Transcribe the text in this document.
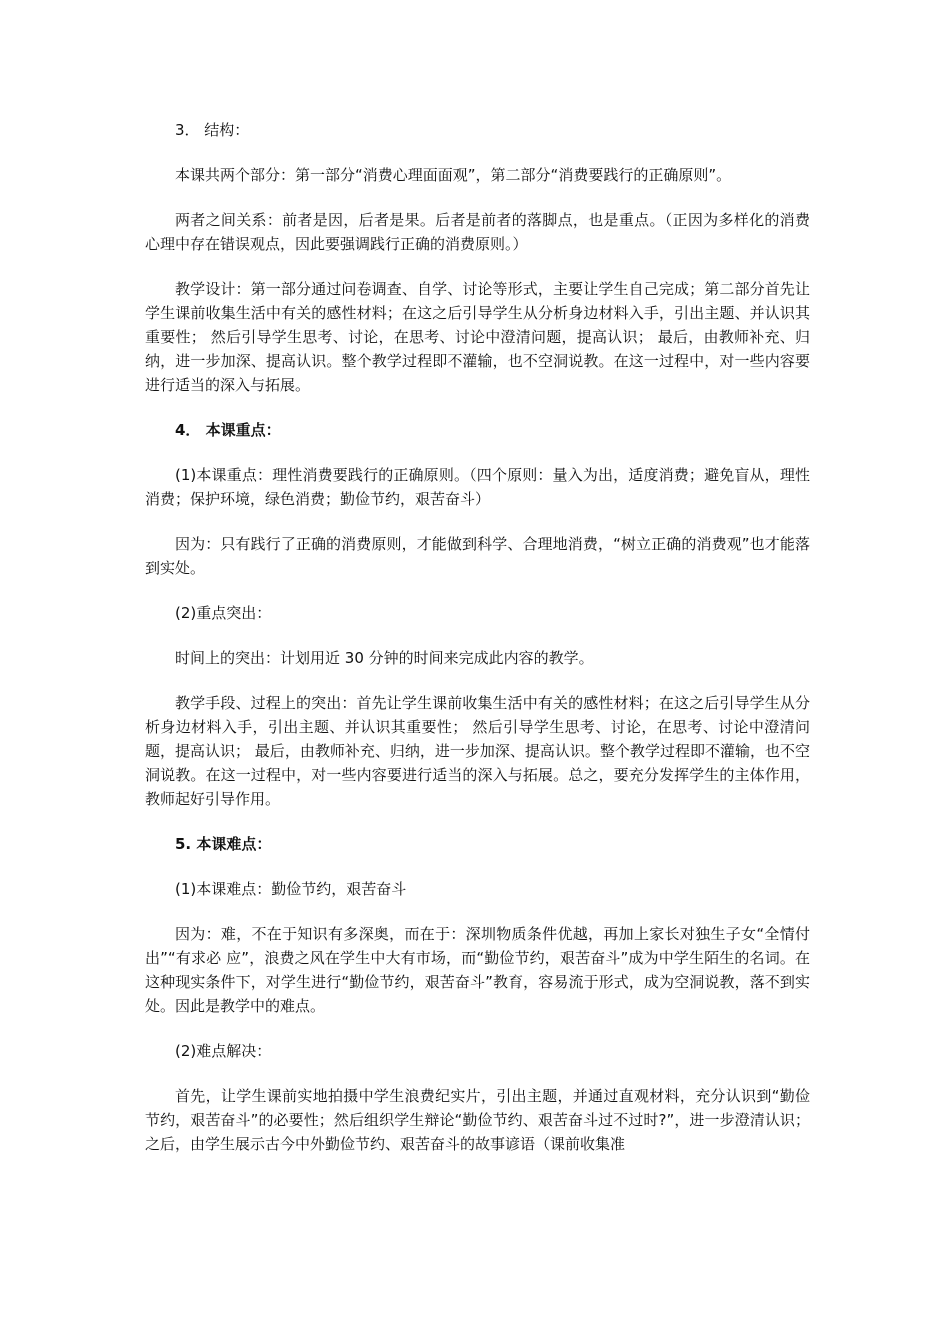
3． 结构：

本课共两个部分：第一部分“消费心理面面观”，第二部分“消费要践行的正确原则”。

两者之间关系：前者是因，后者是果。后者是前者的落脚点，也是重点。（正因为多样化的消费心理中存在错误观点，因此要强调践行正确的消费原则。）

教学设计：第一部分通过问卷调查、自学、讨论等形式，主要让学生自己完成；第二部分首先让学生课前收集生活中有关的感性材料；在这之后引导学生从分析身边材料入手，引出主题、并认识其重要性； 然后引导学生思考、讨论，在思考、讨论中澄清问题，提高认识； 最后，由教师补充、归纳，进一步加深、提高认识。整个教学过程即不灌输，也不空洞说教。在这一过程中，对一些内容要进行适当的深入与拓展。

4． 本课重点：

(1)本课重点：理性消费要践行的正确原则。（四个原则：量入为出，适度消费；避免盲从，理性消费；保护环境，绿色消费；勤俭节约，艰苦奋斗）

因为：只有践行了正确的消费原则，才能做到科学、合理地消费，“树立正确的消费观”也才能落到实处。

(2)重点突出：

时间上的突出：计划用近 30 分钟的时间来完成此内容的教学。

教学手段、过程上的突出：首先让学生课前收集生活中有关的感性材料；在这之后引导学生从分析身边材料入手，引出主题、并认识其重要性； 然后引导学生思考、讨论，在思考、讨论中澄清问题，提高认识； 最后，由教师补充、归纳，进一步加深、提高认识。整个教学过程即不灌输，也不空洞说教。在这一过程中，对一些内容要进行适当的深入与拓展。总之，要充分发挥学生的主体作用，教师起好引导作用。

5. 本课难点：

(1)本课难点：勤俭节约，艰苦奋斗

因为：难，不在于知识有多深奥，而在于：深圳物质条件优越，再加上家长对独生子女“全情付出”“有求必 应”，浪费之风在学生中大有市场，而“勤俭节约，艰苦奋斗”成为中学生陌生的名词。在这种现实条件下，对学生进行“勤俭节约，艰苦奋斗”教育，容易流于形式，成为空洞说教，落不到实处。因此是教学中的难点。

(2)难点解决：

首先，让学生课前实地拍摄中学生浪费纪实片，引出主题，并通过直观材料，充分认识到“勤俭节约，艰苦奋斗”的必要性；然后组织学生辩论“勤俭节约、艰苦奋斗过不过时?”，进一步澄清认识；之后，由学生展示古今中外勤俭节约、艰苦奋斗的故事谚语（课前收集准
